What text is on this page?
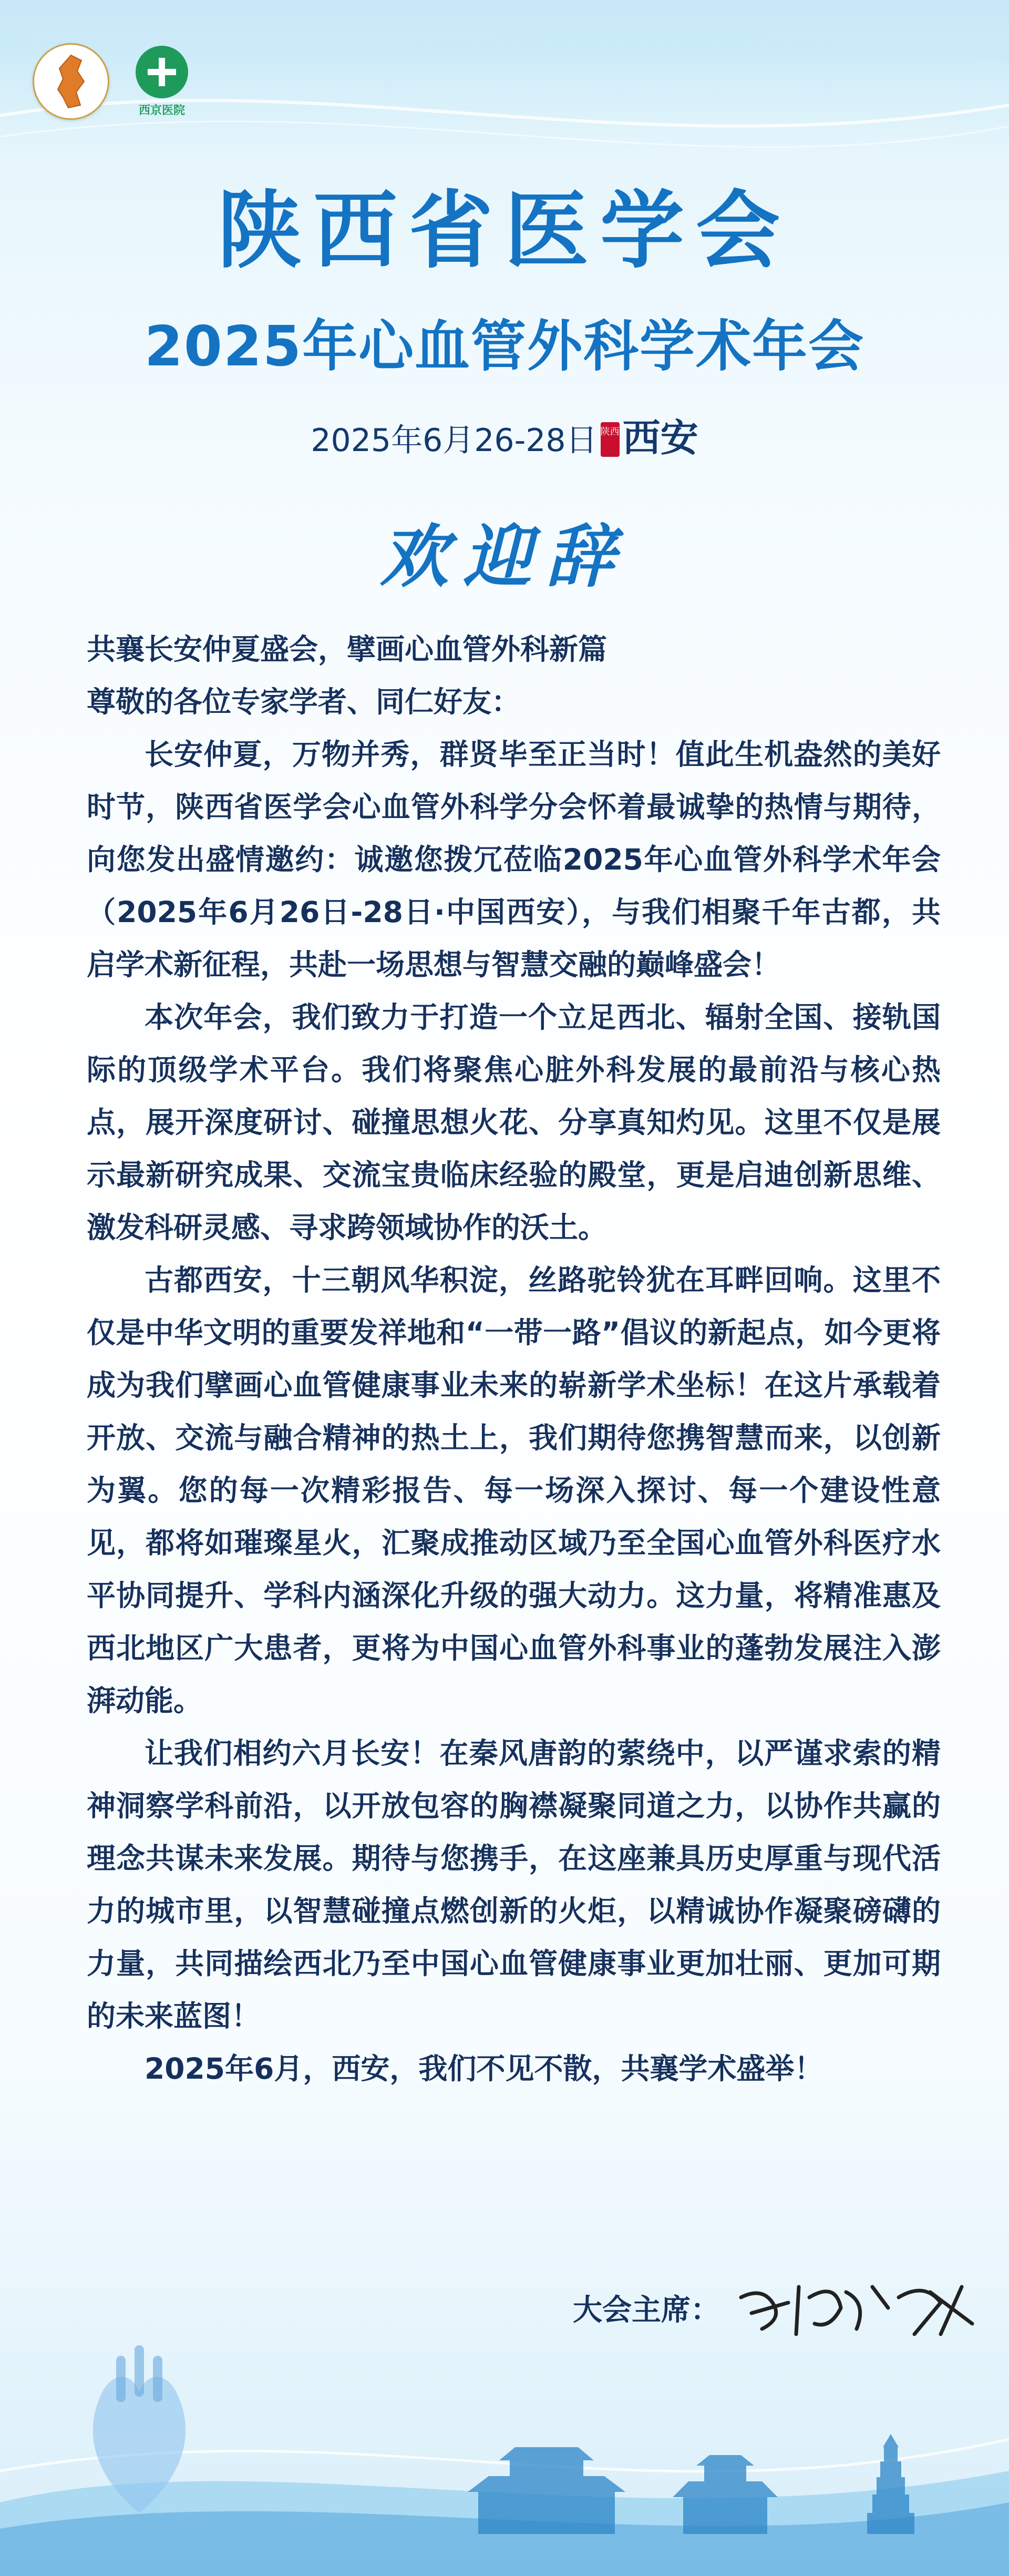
西京医院
陕西省医学会
2025年心血管外科学术年会
2025年6月26-28日 陕西西安
欢迎辞

共襄长安仲夏盛会，擘画心血管外科新篇

尊敬的各位专家学者、同仁好友：

长安仲夏，万物并秀，群贤毕至正当时！值此生机盎然的美好时节，陕西省医学会心血管外科学分会怀着最诚挚的热情与期待，向您发出盛情邀约：诚邀您拨冗莅临2025年心血管外科学术年会（2025年6月26日-28日·中国西安），与我们相聚千年古都，共启学术新征程，共赴一场思想与智慧交融的巅峰盛会！

本次年会，我们致力于打造一个立足西北、辐射全国、接轨国际的顶级学术平台。我们将聚焦心脏外科发展的最前沿与核心热点，展开深度研讨、碰撞思想火花、分享真知灼见。这里不仅是展示最新研究成果、交流宝贵临床经验的殿堂，更是启迪创新思维、激发科研灵感、寻求跨领域协作的沃土。

古都西安，十三朝风华积淀，丝路驼铃犹在耳畔回响。这里不仅是中华文明的重要发祥地和“一带一路”倡议的新起点，如今更将成为我们擘画心血管健康事业未来的崭新学术坐标！在这片承载着开放、交流与融合精神的热土上，我们期待您携智慧而来，以创新为翼。您的每一次精彩报告、每一场深入探讨、每一个建设性意见，都将如璀璨星火，汇聚成推动区域乃至全国心血管外科医疗水平协同提升、学科内涵深化升级的强大动力。这力量，将精准惠及西北地区广大患者，更将为中国心血管外科事业的蓬勃发展注入澎湃动能。

让我们相约六月长安！在秦风唐韵的萦绕中，以严谨求索的精神洞察学科前沿，以开放包容的胸襟凝聚同道之力，以协作共赢的理念共谋未来发展。期待与您携手，在这座兼具历史厚重与现代活力的城市里，以智慧碰撞点燃创新的火炬，以精诚协作凝聚磅礴的力量，共同描绘西北乃至中国心血管健康事业更加壮丽、更加可期的未来蓝图！

2025年6月，西安，我们不见不散，共襄学术盛举！

大会主席：
